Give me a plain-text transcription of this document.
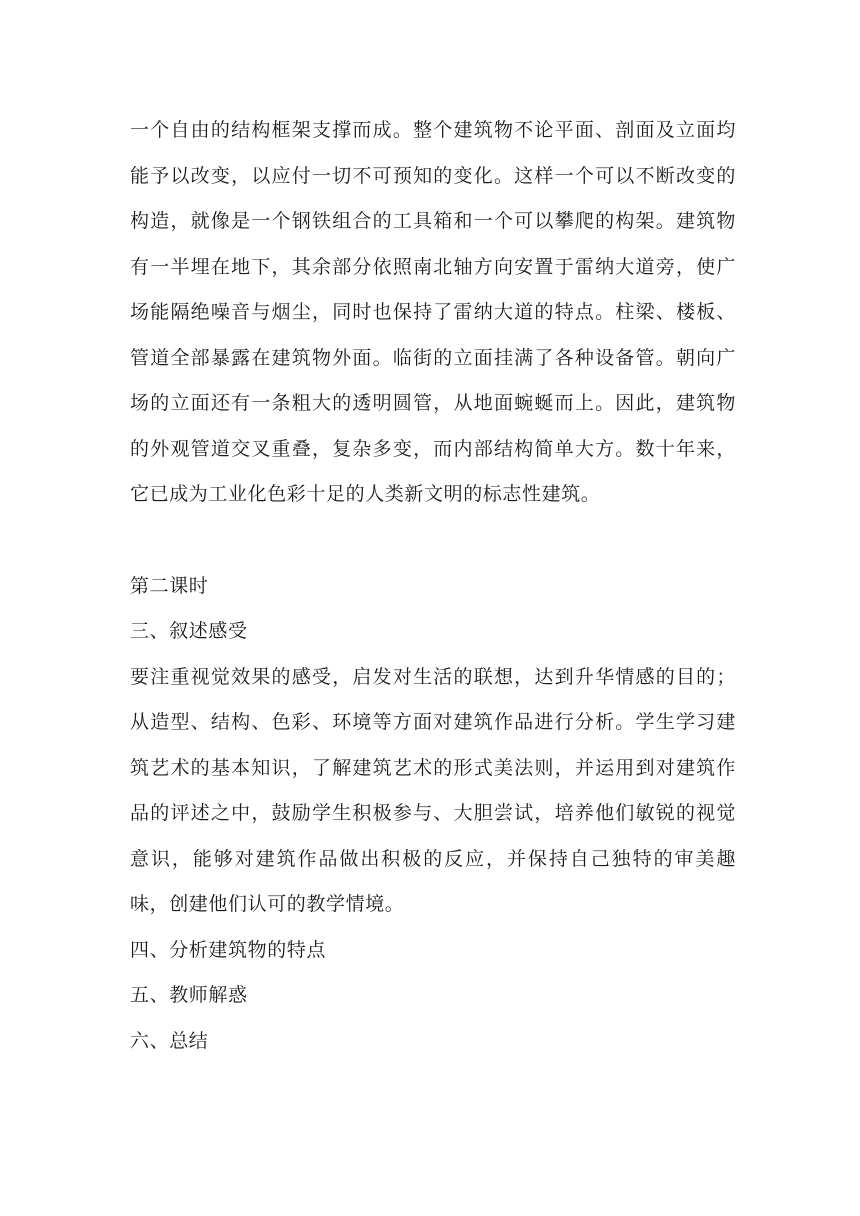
一个自由的结构框架支撑而成。整个建筑物不论平面、剖面及立面均能予以改变，以应付一切不可预知的变化。这样一个可以不断改变的构造，就像是一个钢铁组合的工具箱和一个可以攀爬的构架。建筑物有一半埋在地下，其余部分依照南北轴方向安置于雷纳大道旁，使广场能隔绝噪音与烟尘，同时也保持了雷纳大道的特点。柱梁、楼板、管道全部暴露在建筑物外面。临街的立面挂满了各种设备管。朝向广场的立面还有一条粗大的透明圆管，从地面蜿蜒而上。因此，建筑物的外观管道交叉重叠，复杂多变，而内部结构简单大方。数十年来，它已成为工业化色彩十足的人类新文明的标志性建筑。

第二课时

三、叙述感受

要注重视觉效果的感受，启发对生活的联想，达到升华情感的目的；从造型、结构、色彩、环境等方面对建筑作品进行分析。学生学习建筑艺术的基本知识，了解建筑艺术的形式美法则，并运用到对建筑作品的评述之中，鼓励学生积极参与、大胆尝试，培养他们敏锐的视觉意识，能够对建筑作品做出积极的反应，并保持自己独特的审美趣味，创建他们认可的教学情境。

四、分析建筑物的特点

五、教师解惑

六、总结
